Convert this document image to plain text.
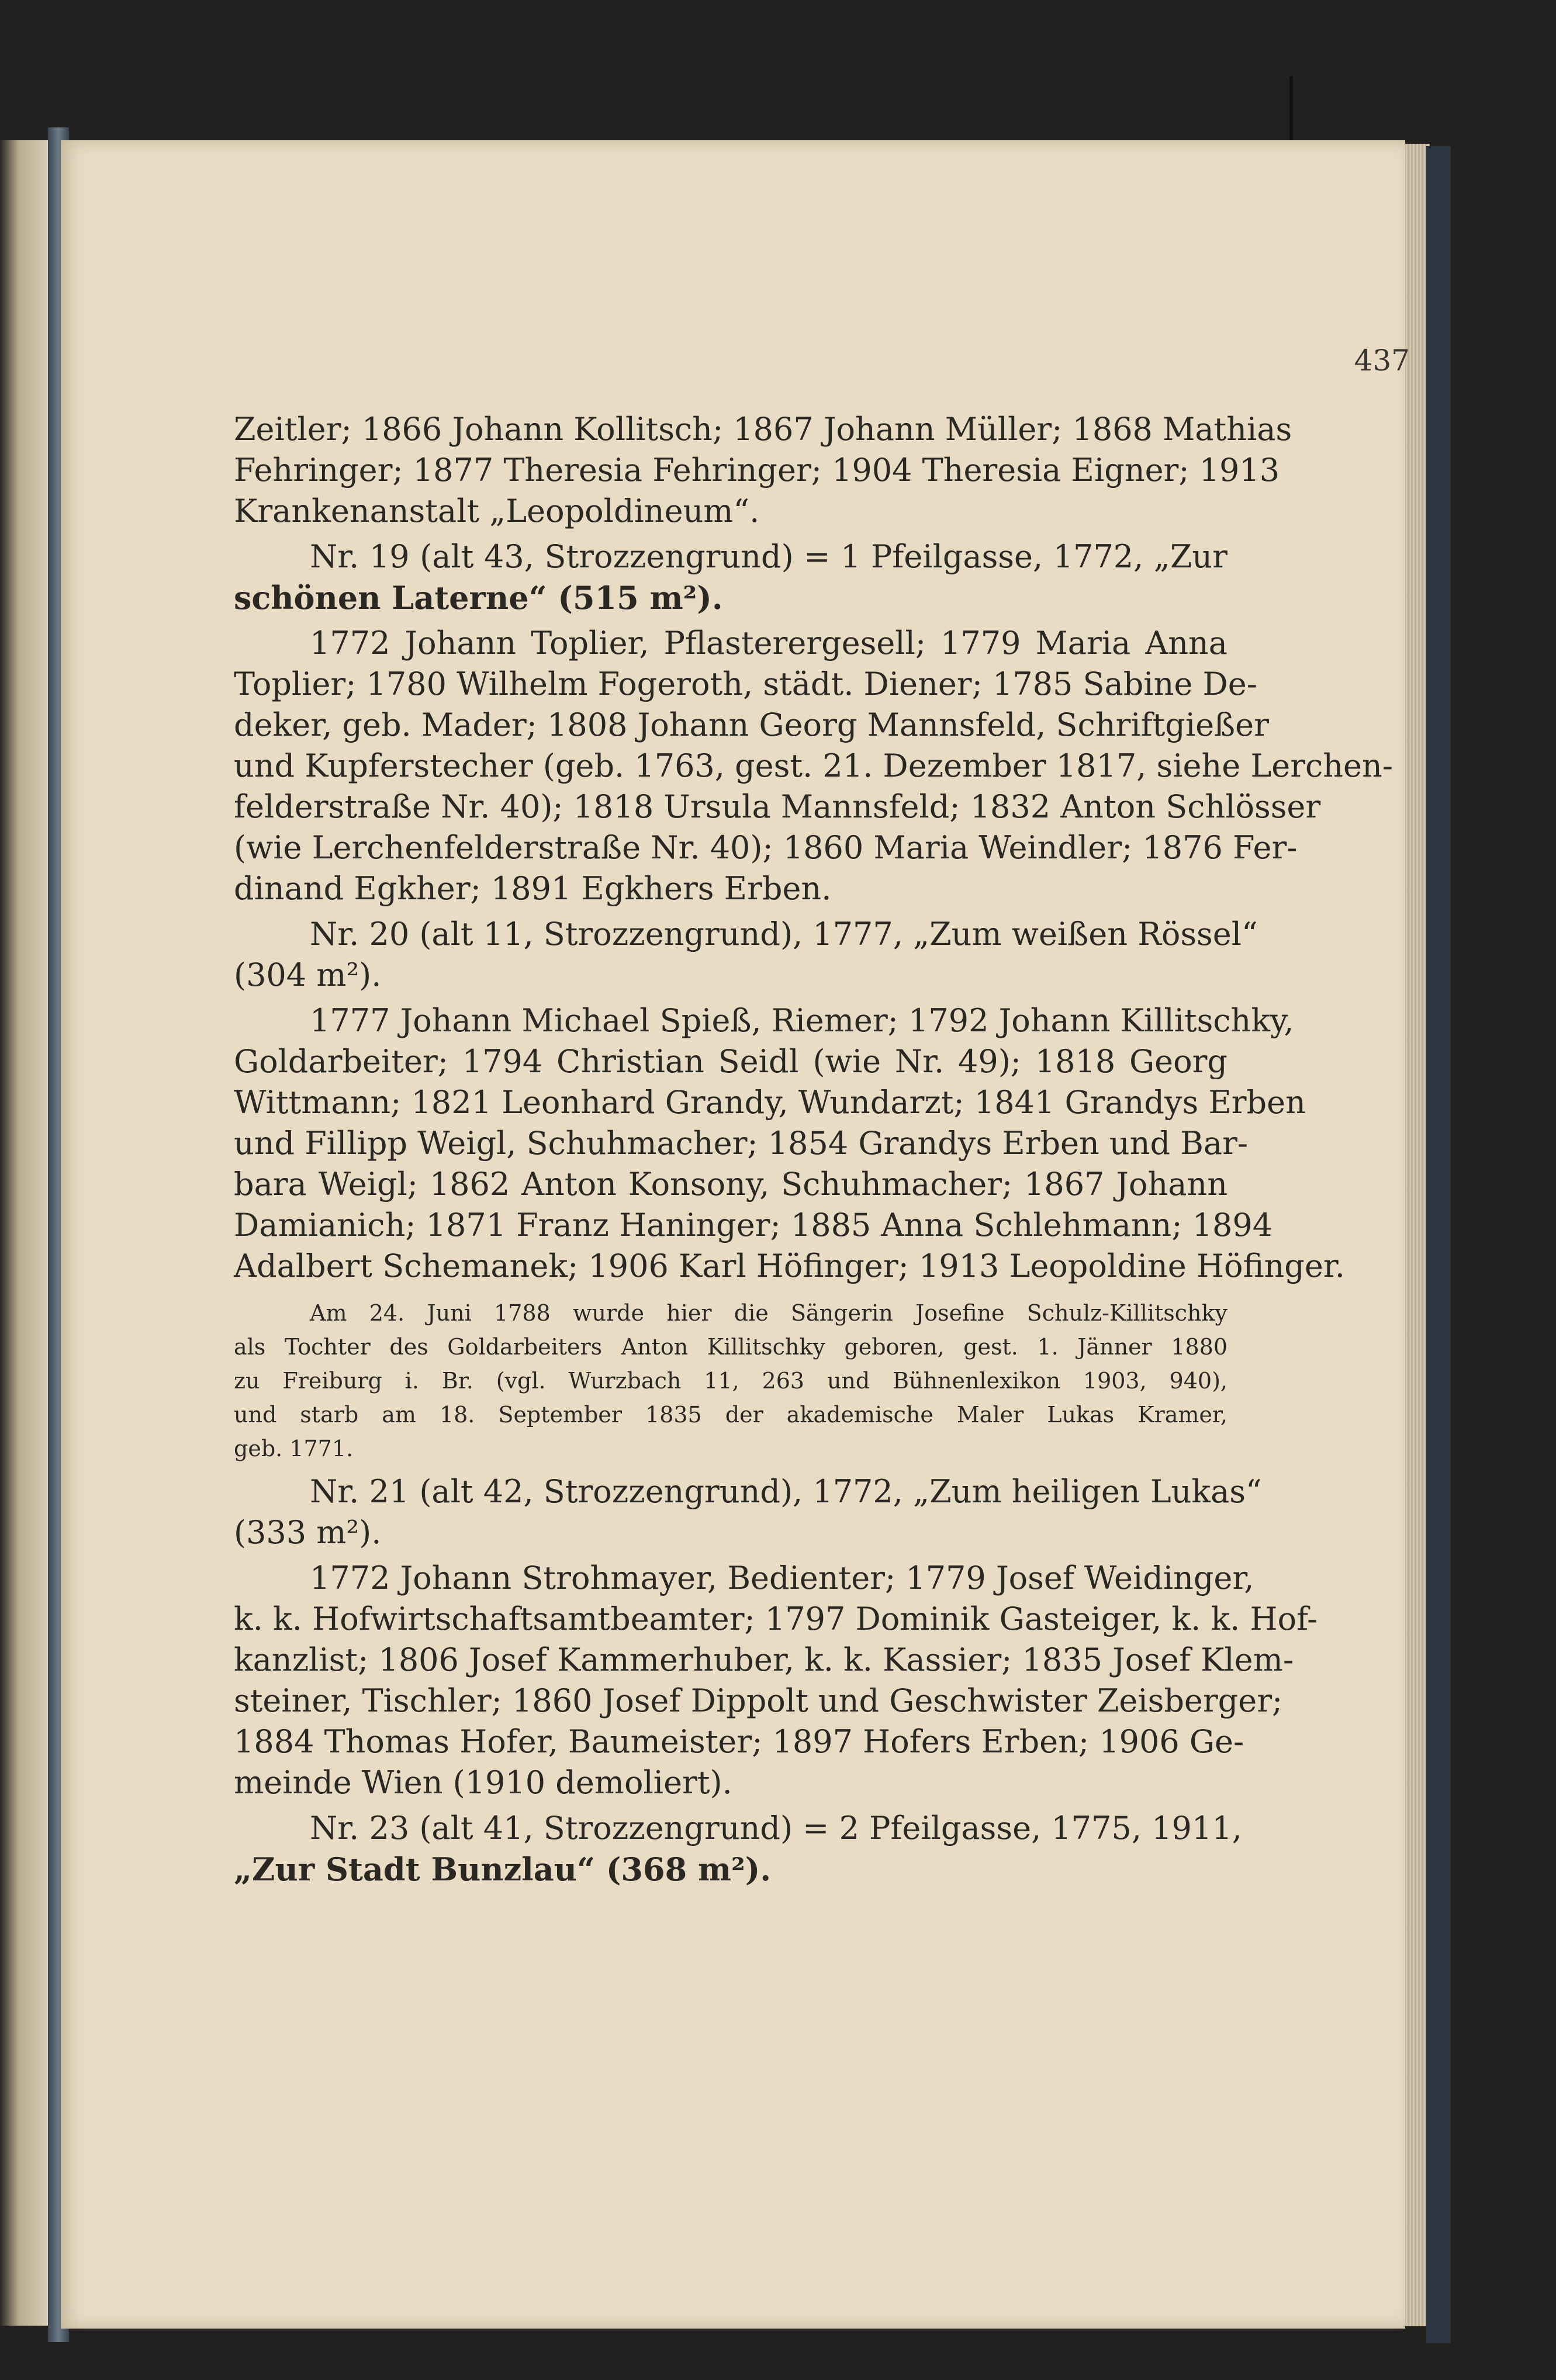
437
Zeitler; 1866 Johann Kollitsch; 1867 Johann Müller; 1868 Mathias
Fehringer; 1877 Theresia Fehringer; 1904 Theresia Eigner; 1913
Krankenanstalt „Leopoldineum“.
Nr. 19 (alt 43, Strozzengrund) = 1 Pfeilgasse, 1772, „Zur
schönen Laterne“ (515 m²).
1772 Johann Toplier, Pflasterergesell; 1779 Maria Anna
Toplier; 1780 Wilhelm Fogeroth, städt. Diener; 1785 Sabine De-
deker, geb. Mader; 1808 Johann Georg Mannsfeld, Schriftgießer
und Kupferstecher (geb. 1763, gest. 21. Dezember 1817, siehe Lerchen-
felderstraße Nr. 40); 1818 Ursula Mannsfeld; 1832 Anton Schlösser
(wie Lerchenfelderstraße Nr. 40); 1860 Maria Weindler; 1876 Fer-
dinand Egkher; 1891 Egkhers Erben.
Nr. 20 (alt 11, Strozzengrund), 1777, „Zum weißen Rössel“
(304 m²).
1777 Johann Michael Spieß, Riemer; 1792 Johann Killitschky,
Goldarbeiter; 1794 Christian Seidl (wie Nr. 49); 1818 Georg
Wittmann; 1821 Leonhard Grandy, Wundarzt; 1841 Grandys Erben
und Fillipp Weigl, Schuhmacher; 1854 Grandys Erben und Bar-
bara Weigl; 1862 Anton Konsony, Schuhmacher; 1867 Johann
Damianich; 1871 Franz Haninger; 1885 Anna Schlehmann; 1894
Adalbert Schemanek; 1906 Karl Höfinger; 1913 Leopoldine Höfinger.
Am 24. Juni 1788 wurde hier die Sängerin Josefine Schulz-Killitschky
als Tochter des Goldarbeiters Anton Killitschky geboren, gest. 1. Jänner 1880
zu Freiburg i. Br. (vgl. Wurzbach 11, 263 und Bühnenlexikon 1903, 940),
und starb am 18. September 1835 der akademische Maler Lukas Kramer,
geb. 1771.
Nr. 21 (alt 42, Strozzengrund), 1772, „Zum heiligen Lukas“
(333 m²).
1772 Johann Strohmayer, Bedienter; 1779 Josef Weidinger,
k. k. Hofwirtschaftsamtbeamter; 1797 Dominik Gasteiger, k. k. Hof-
kanzlist; 1806 Josef Kammerhuber, k. k. Kassier; 1835 Josef Klem-
steiner, Tischler; 1860 Josef Dippolt und Geschwister Zeisberger;
1884 Thomas Hofer, Baumeister; 1897 Hofers Erben; 1906 Ge-
meinde Wien (1910 demoliert).
Nr. 23 (alt 41, Strozzengrund) = 2 Pfeilgasse, 1775, 1911,
„Zur Stadt Bunzlau“ (368 m²).
